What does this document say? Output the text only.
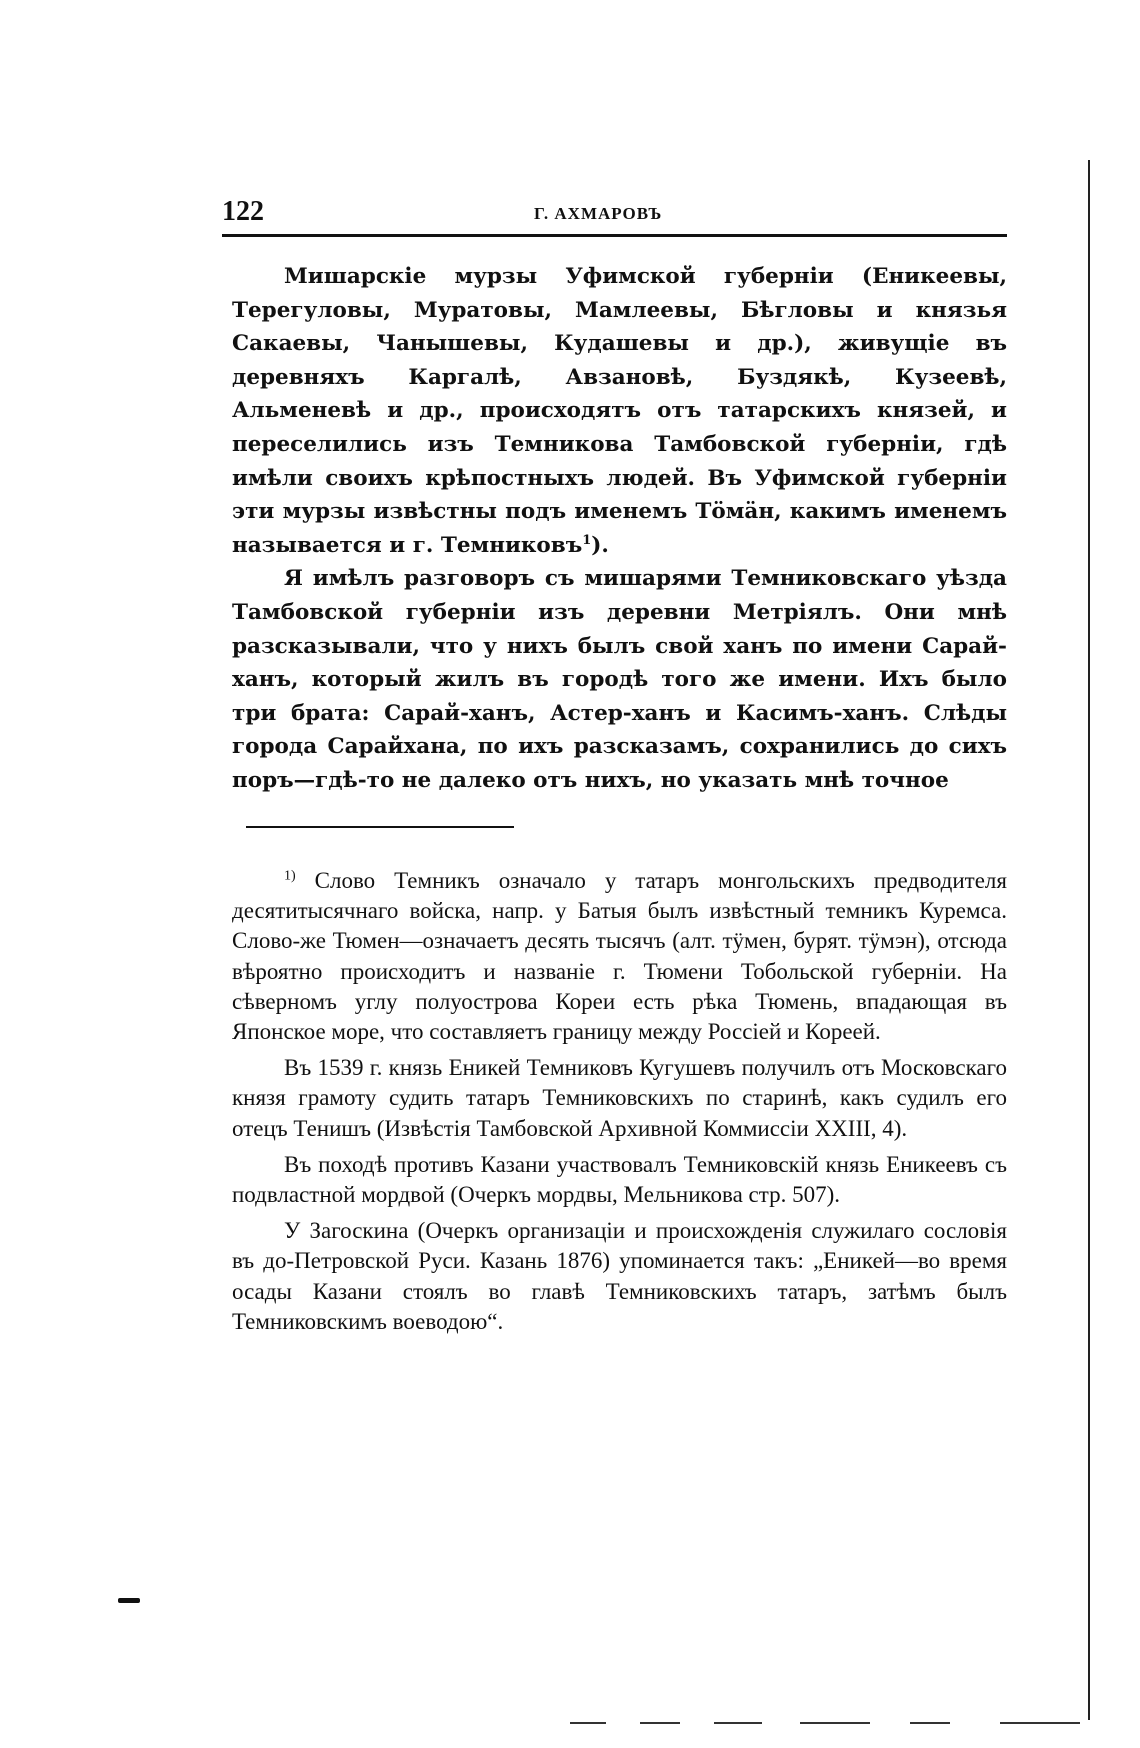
122	Г. АХМАРОВЪ

Мишарскіе мурзы Уфимской губерніи (Еникеевы, Терегуловы, Муратовы, Мамлеевы, Бѣгловы и князья Сакаевы, Чанышевы, Кудашевы и др.), живущіе въ деревняхъ Каргалѣ, Авзановѣ, Буздякѣ, Кузеевѣ, Альменевѣ и др., происходятъ отъ татарскихъ князей, и переселились изъ Темникова Тамбовской губерніи, гдѣ имѣли своихъ крѣпостныхъ людей. Въ Уфимской губерніи эти мурзы извѣстны подъ именемъ Тӧмäн, какимъ именемъ называется и г. Темниковъ$^1$).

Я имѣлъ разговоръ съ мишарями Темниковскаго уѣзда Тамбовской губерніи изъ деревни Метріялъ. Они мнѣ разсказывали, что у нихъ былъ свой ханъ по имени Сарай-ханъ, который жилъ въ городѣ того же имени. Ихъ было три брата: Сарай-ханъ, Астер-ханъ и Касимъ-ханъ. Слѣды города Сарайхана, по ихъ разсказамъ, сохранились до сихъ поръ—гдѣ-то не далеко отъ нихъ, но указать мнѣ точное

$^{1)}$ Слово Темникъ означало у татаръ монгольскихъ предводителя десятитысячнаго войска, напр. у Батыя былъ извѣстный темникъ Куремса. Слово-же Тюмен—означаетъ десять тысячъ (алт. тӱмен, бурят. тӱмэн), отсюда вѣроятно происходитъ и названіе г. Тюмени Тобольской губерніи. На сѣверномъ углу полуострова Кореи есть рѣка Тюмень, впадающая въ Японское море, что составляетъ границу между Россіей и Кореей.

Въ 1539 г. князь Еникей Темниковъ Кугушевъ получилъ отъ Московскаго князя грамоту судить татаръ Темниковскихъ по старинѣ, какъ судилъ его отецъ Тенишъ (Извѣстія Тамбовской Архивной Коммиссіи XXIII, 4).

Въ походѣ противъ Казани участвовалъ Темниковскій князь Еникеевъ съ подвластной мордвой (Очеркъ мордвы, Мельникова стр. 507).

У Загоскина (Очеркъ организаціи и происхожденія служилаго сословія въ до-Петровской Руси. Казань 1876) упоминается такъ: „Еникей—во время осады Казани стоялъ во главѣ Темниковскихъ татаръ, затѣмъ былъ Темниковскимъ воеводою“.
